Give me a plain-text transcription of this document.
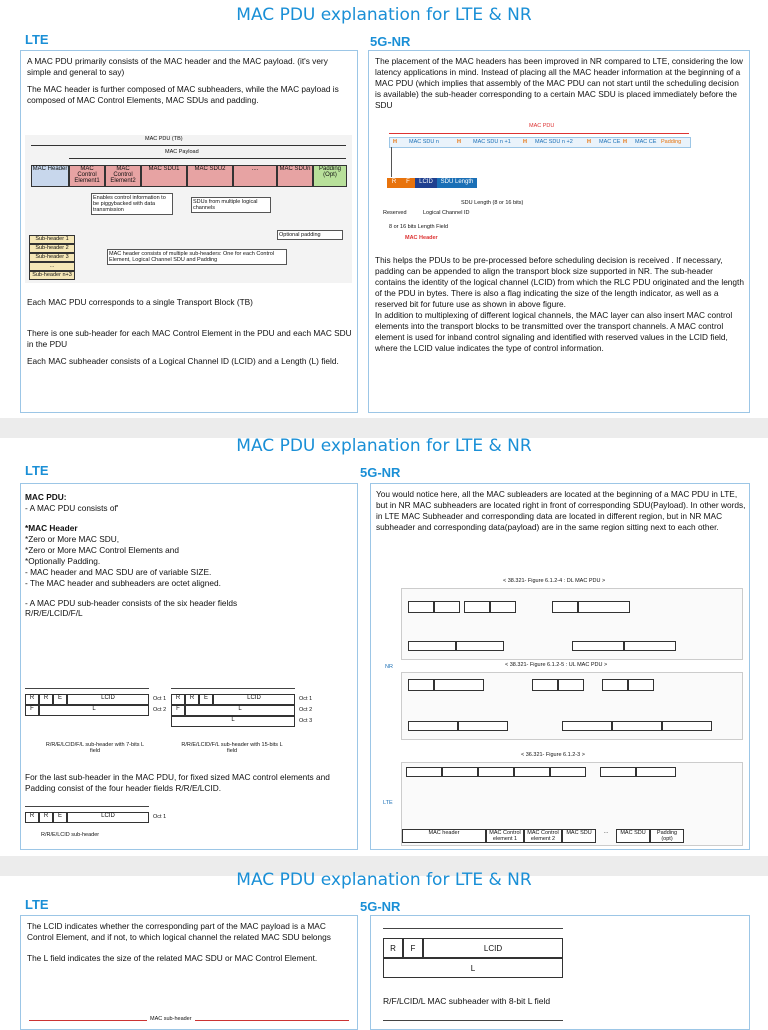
MAC PDU explanation for LTE & NR
LTE	5G-NR

A MAC PDU primarily consists of the MAC header and the MAC payload. (it's very simple and general to say)

The MAC header is further composed of MAC subheaders, while the MAC payload is composed of MAC Control Elements, MAC SDUs and padding.

MAC PDU (TB)
MAC Payload
MAC Header	MAC Control Element1
MAC Control Element2
MAC SDU1	MAC SDU2	....	MAC SDUn	Padding (Opt)
Enables control information to be piggybacked with data transmission
SDUs from multiple logical channels
Optional padding
Sub-header 1
Sub-header 2
Sub-header 3
...
Sub-header n+3
MAC header consists of multiple sub-headers: One for each Control Element, Logical Channel SDU and Padding

Each MAC PDU corresponds to a single Transport Block (TB)

There is one sub-header for each MAC Control Element in the PDU and each MAC SDU in the PDU

Each MAC subheader consists of a Logical Channel ID (LCID) and a Length (L) field.

The placement of the MAC headers has been improved in NR compared to LTE, considering the low latency applications in mind. Instead of placing all the MAC header information at the beginning of a MAC PDU (which implies that assembly of the MAC PDU can not start until the scheduling decision is available) the sub-header corresponding to a certain MAC SDU is placed immediately before the SDU
MAC PDU
H MAC SDU n	H MAC SDU n +1 H MAC SDU n +2	H MAC CE H MAC CE Padding
R	F	LCID	SDU Length
SDU Length (8 or 16 bits)
Reserved	Logical Channel ID
8 or 16 bits Length Field
MAC Header

This helps the PDUs to be pre-processed before scheduling decision is received . If necessary, padding can be appended to align the transport block size supported in NR. The sub-header contains the identity of the logical channel (LCID) from which the RLC PDU originated and the length of the PDU in bytes. There is also a flag indicating the size of the length indicator, as well as a reserved bit for future use as shown in above figure.

In addition to multiplexing of different logical channels, the MAC layer can also insert MAC control elements into the transport blocks to be transmitted over the transport channels. A MAC control element is used for inband control signaling and identified with reserved values in the LCID field, where the LCID value indicates the type of control information.

MAC PDU explanation for LTE & NR
LTE	5G-NR
MAC PDU:
- A MAC PDU consists of'
*MAC Header
*Zero or More MAC SDU,
*Zero or More MAC Control Elements and
*Optionally Padding.
- MAC header and MAC SDU are of variable SIZE.
- The MAC header and subheaders are octet aligned.
- A MAC PDU sub-header consists of the six header fields R/R/E/LCID/F/L
R	R	E	LCID
F	L
Oct 1
Oct 2
R/R/E/LCID/F/L sub-header with 7-bits L field
R	R	E	LCID
F	L
L
Oct 1
Oct 2
Oct 3
R/R/E/LCID/F/L sub-header with 15-bits L field
For the last sub-header in the MAC PDU, for fixed sized MAC control elements and Padding consist of the four header fields R/R/E/LCID.
R	R	E	LCID	Oct 1
R/R/E/LCID sub-header
You would notice here, all the MAC subleaders are located at the beginning of a MAC PDU in LTE, but in NR MAC subheaders are located right in front of corresponding SDU(Payload). In other words, in LTE MAC Subheader and corresponding data are located in different region, but in NR MAC subheader and corresponding data(payload) are in the same region sitting next to each other.
< 38.321- Figure 6.1.2-4 : DL MAC PDU >
NR	< 38.321- Figure 6.1.2-5 : UL MAC PDU >
< 36.321- Figure 6.1.2-3 >
LTE
MAC header	MAC Control element 1
MAC Control element 2
MAC SDU	...	MAC SDU	Padding (opt)
MAC PDU explanation for LTE & NR
LTE	5G-NR

The LCID indicates whether the corresponding part of the MAC payload is a MAC Control Element, and if not, to which logical channel the related MAC SDU belongs

The L field indicates the size of the related MAC SDU or MAC Control Element.

MAC sub-header
R	F	LCID
L
R/F/LCID/L MAC subheader with 8-bit L field
